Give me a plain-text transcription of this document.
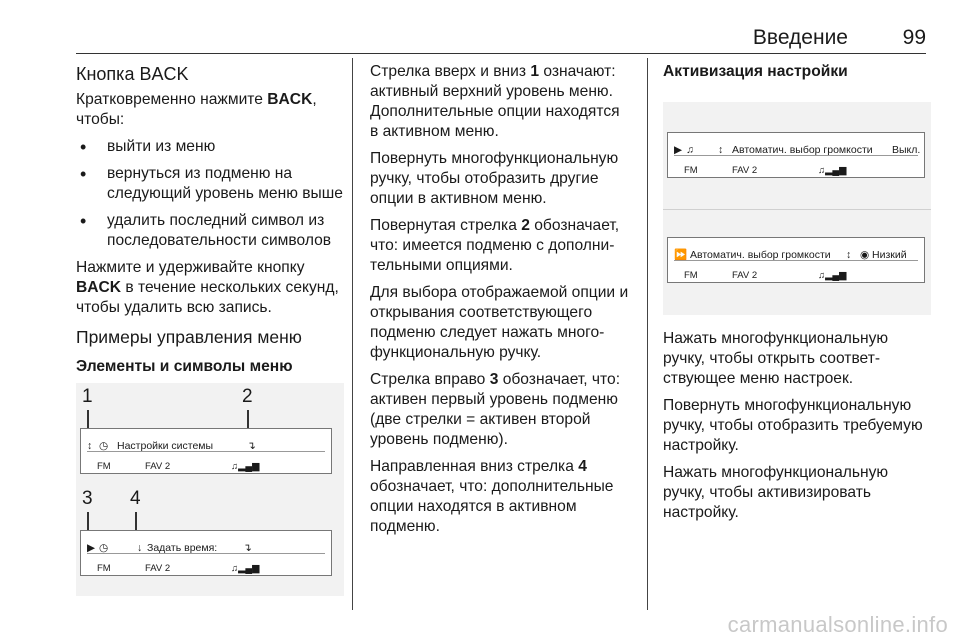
Введение	99
Кнопка BACK

Кратковременно нажмите BACK, чтобы:

• выйти из меню
• вернуться из подменю на следующий уровень меню выше
• удалить последний символ из последовательности символов

Нажмите и удерживайте кнопку BACK в течение нескольких секунд, чтобы удалить всю запись.

Примеры управления меню
Элементы и символы меню
1	2
↕ ◷ Настройки системы	↴
FM	FAV 2	♫▂▄▆
3 4
▶ ◷	↓ Задать время: ↴
FM	FAV 2	♫▂▄▆

Стрелка вверх и вниз 1 означают: активный верхний уровень меню. Дополнительные опции находятся в активном меню.

Повернуть многофункциональную ручку, чтобы отобразить другие опции в активном меню.

Повернутая стрелка 2 обозначает, что: имеется подменю с дополнительными опциями.

Для выбора отображаемой опции и открывания соответствующего подменю следует нажать многофункциональную ручку.

Стрелка вправо 3 обозначает, что: активен первый уровень подменю (две стрелки = активен второй уровень подменю).

Направленная вниз стрелка 4 обозначает, что: дополнительные опции находятся в активном подменю.

Активизация настройки
▶ ♫ ↕ Автоматич. выбор громкости Выкл.
FM	FAV 2	♫▂▄▆
⏩ Автоматич. выбор громкости ↕ ◉ Низкий
FM	FAV 2	♫▂▄▆

Нажать многофункциональную ручку, чтобы открыть соответствующее меню настроек.

Повернуть многофункциональную ручку, чтобы отобразить требуемую настройку.

Нажать многофункциональную ручку, чтобы активизировать настройку.

carmanualsonline.info
